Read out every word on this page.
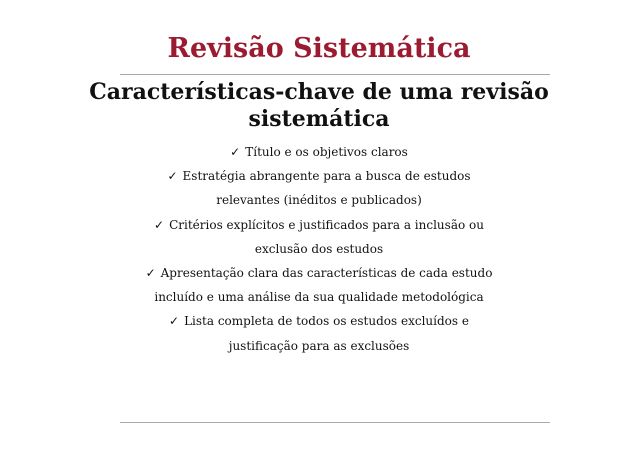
Revisão Sistemática
Características-chave de uma revisão
sistemática
✓ Título e os objetivos claros
✓ Estratégia abrangente para a busca de estudos
relevantes (inéditos e publicados)
✓ Critérios explícitos e justificados para a inclusão ou
exclusão dos estudos
✓ Apresentação clara das características de cada estudo
incluído e uma análise da sua qualidade metodológica
✓ Lista completa de todos os estudos excluídos e
justificação para as exclusões
